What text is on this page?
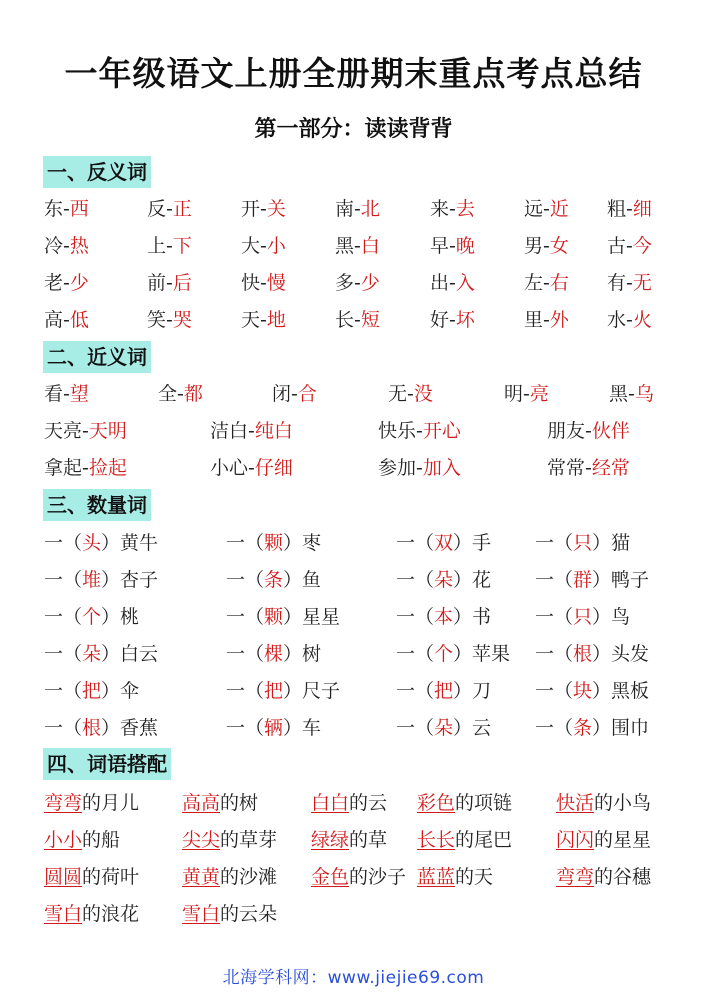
一年级语文上册全册期末重点考点总结
第一部分：读读背背
一、反义词
东-西	反-正	开-关	南-北	来-去	远-近 粗-细
冷-热	上-下	大-小	黑-白	早-晚	男-女 古-今
老-少	前-后	快-慢	多-少	出-入	左-右 有-无
高-低	笑-哭	天-地	长-短	好-坏	里-外 水-火
二、近义词
看-望	全-都	闭-合	无-没	明-亮	黑-乌
天亮-天明	洁白-纯白	快乐-开心	朋友-伙伴
拿起-捡起	小心-仔细	参加-加入	常常-经常
三、数量词
一（头）黄牛	一（颗）枣	一（双）手 一（只）猫
一（堆）杏子	一（条）鱼	一（朵）花 一（群）鸭子
一（个）桃	一（颗）星星	一（本）书 一（只）鸟
一（朵）白云	一（棵）树	一（个）苹果 一（根）头发
一（把）伞	一（把）尺子	一（把）刀 一（块）黑板
一（根）香蕉	一（辆）车	一（朵）云 一（条）围巾
四、词语搭配
弯弯的月儿 高高的树	白白的云 彩色的项链 快活的小鸟
小小的船	尖尖的草芽 绿绿的草 长长的尾巴 闪闪的星星
圆圆的荷叶 黄黄的沙滩 金色的沙子 蓝蓝的天	弯弯的谷穗
雪白的浪花 雪白的云朵
北海学科网：www.jiejie69.com
